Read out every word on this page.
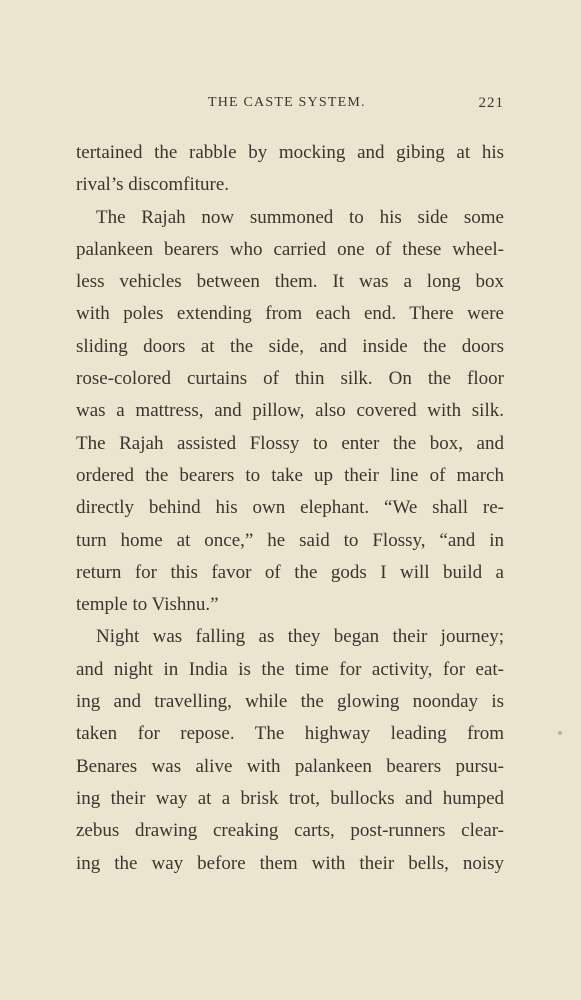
THE CASTE SYSTEM.	221
tertained the rabble by mocking and gibing at his
rival’s discomfiture.
The Rajah now summoned to his side some
palankeen bearers who carried one of these wheel-
less vehicles between them. It was a long box
with poles extending from each end. There were
sliding doors at the side, and inside the doors
rose-colored curtains of thin silk. On the floor
was a mattress, and pillow, also covered with silk.
The Rajah assisted Flossy to enter the box, and
ordered the bearers to take up their line of march
directly behind his own elephant. “We shall re-
turn home at once,” he said to Flossy, “and in
return for this favor of the gods I will build a
temple to Vishnu.”
Night was falling as they began their journey;
and night in India is the time for activity, for eat-
ing and travelling, while the glowing noonday is
taken for repose. The highway leading from
Benares was alive with palankeen bearers pursu-
ing their way at a brisk trot, bullocks and humped
zebus drawing creaking carts, post-runners clear-
ing the way before them with their bells, noisy
